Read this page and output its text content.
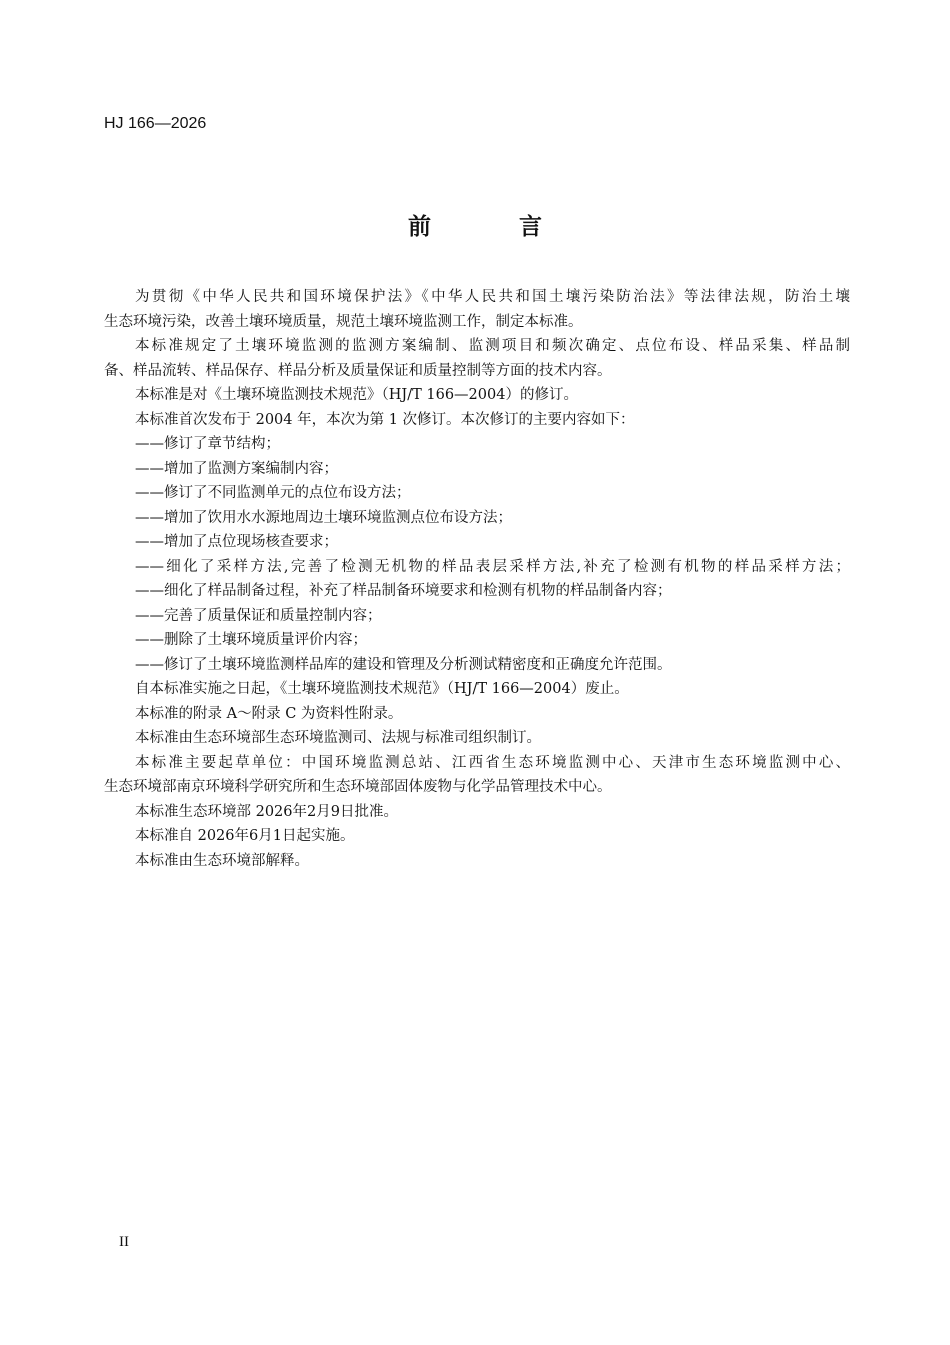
HJ 166—2026
前 言
为贯彻《中华人民共和国环境保护法》《中华人民共和国土壤污染防治法》等法律法规，防治土壤
生态环境污染，改善土壤环境质量，规范土壤环境监测工作，制定本标准。
本标准规定了土壤环境监测的监测方案编制、监测项目和频次确定、点位布设、样品采集、样品制
备、样品流转、样品保存、样品分析及质量保证和质量控制等方面的技术内容。
本标准是对《土壤环境监测技术规范》（HJ/T 166—2004）的修订。
本标准首次发布于 2004 年，本次为第 1 次修订。本次修订的主要内容如下：
——修订了章节结构；
——增加了监测方案编制内容；
——修订了不同监测单元的点位布设方法；
——增加了饮用水水源地周边土壤环境监测点位布设方法；
——增加了点位现场核查要求；
——细化了采样方法,完善了检测无机物的样品表层采样方法,补充了检测有机物的样品采样方法；
——细化了样品制备过程，补充了样品制备环境要求和检测有机物的样品制备内容；
——完善了质量保证和质量控制内容；
——删除了土壤环境质量评价内容；
——修订了土壤环境监测样品库的建设和管理及分析测试精密度和正确度允许范围。
自本标准实施之日起，《土壤环境监测技术规范》（HJ/T 166—2004）废止。
本标准的附录 A～附录 C 为资料性附录。
本标准由生态环境部生态环境监测司、法规与标准司组织制订。
本标准主要起草单位：中国环境监测总站、江西省生态环境监测中心、天津市生态环境监测中心、
生态环境部南京环境科学研究所和生态环境部固体废物与化学品管理技术中心。
本标准生态环境部 2026年2月9日批准。
本标准自 2026年6月1日起实施。
本标准由生态环境部解释。
II
